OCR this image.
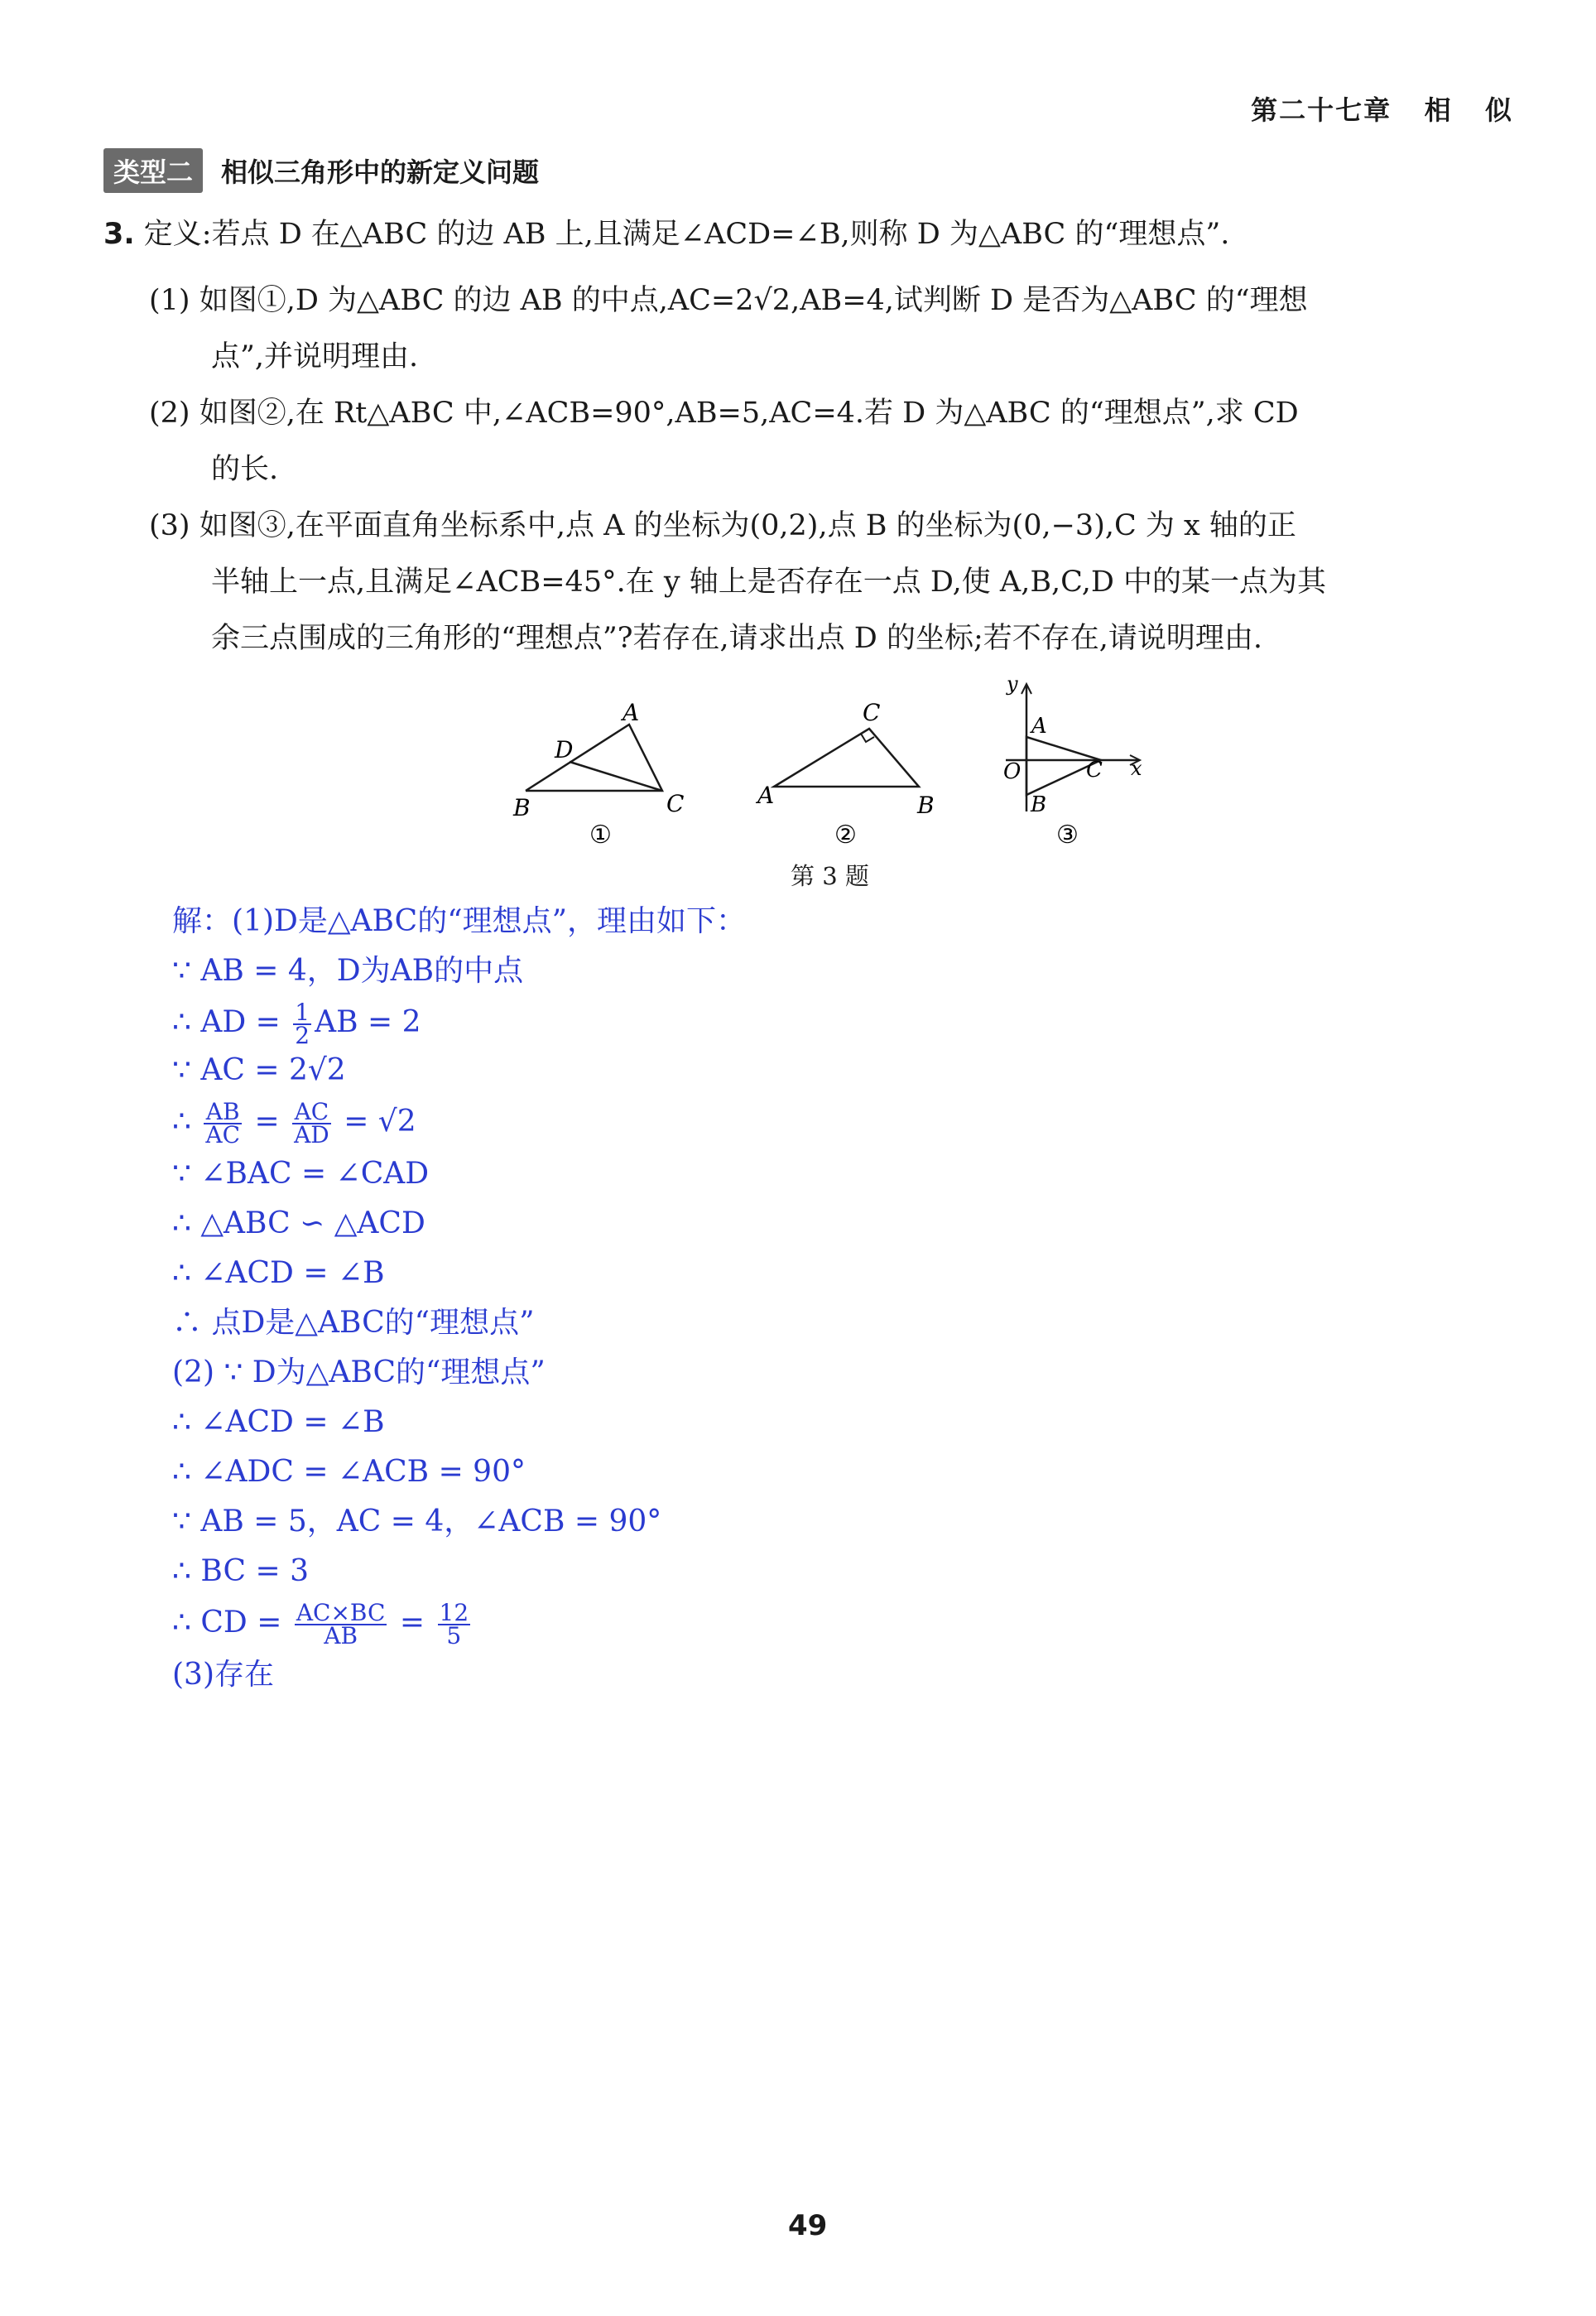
第二十七章   相   似
类型二	相似三角形中的新定义问题
3. 定义:若点 D 在△ABC 的边 AB 上,且满足∠ACD=∠B,则称 D 为△ABC 的“理想点”.
(1) 如图①,D 为△ABC 的边 AB 的中点,AC=2√2,AB=4,试判断 D 是否为△ABC 的“理想
点”,并说明理由.
(2) 如图②,在 Rt△ABC 中,∠ACB=90°,AB=5,AC=4.若 D 为△ABC 的“理想点”,求 CD
的长.
(3) 如图③,在平面直角坐标系中,点 A 的坐标为(0,2),点 B 的坐标为(0,−3),C 为 x 轴的正
半轴上一点,且满足∠ACB=45°.在 y 轴上是否存在一点 D,使 A,B,C,D 中的某一点为其
余三点围成的三角形的“理想点”?若存在,请求出点 D 的坐标;若不存在,请说明理由.
A
B	C
D
①
A	B
C
②
A
B
C
O	x
y
③
第 3 题
解：(1)D是△ABC的“理想点”，理由如下：
∵ AB = 4，D为AB的中点
∴ AD = $\frac{1}{2}$ AB = 2
∵ AC = 2√2
∴ $\frac{AB}{AC} = \frac{AC}{AD} = √2$
∵ ∠BAC = ∠CAD
∴ △ABC ∽ △ACD
∴ ∠ACD = ∠B
∴ 点D是△ABC的“理想点”
(2) ∵ D为△ABC的“理想点”
∴ ∠ACD = ∠B
∴ ∠ADC = ∠ACB = 90°
∵ AB = 5，AC = 4，∠ACB = 90°
∴ BC = 3
∴ CD = $\frac{AC\times BC}{AB} = \frac{12}{5}$
(3)存在
49
